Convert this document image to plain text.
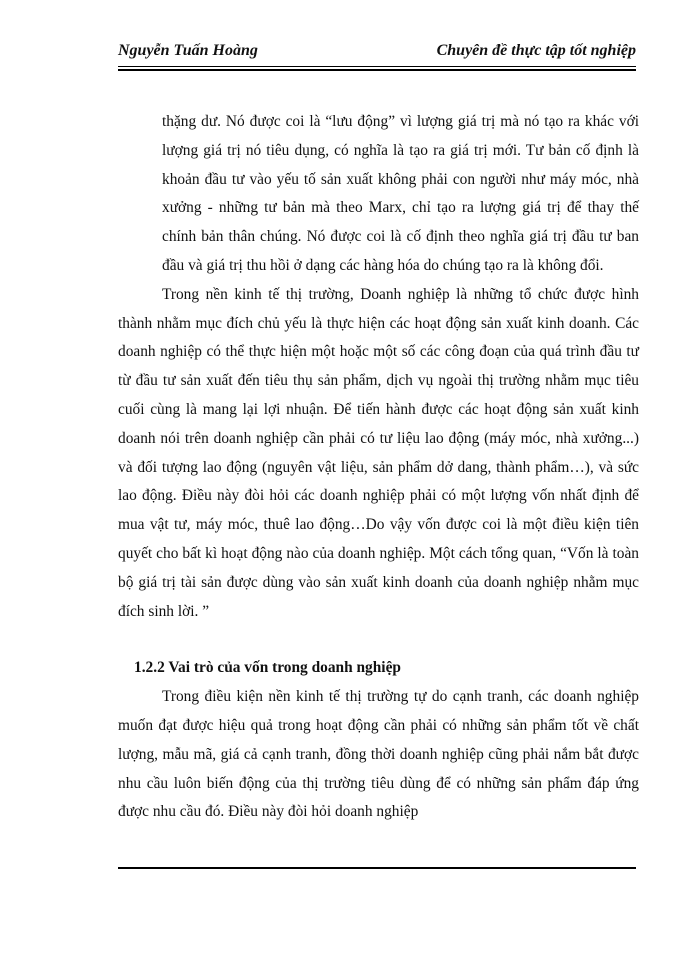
Nguyễn Tuấn Hoàng	Chuyên đề thực tập tốt nghiệp

thặng dư. Nó được coi là “lưu động” vì lượng giá trị mà nó tạo ra khác với lượng giá trị nó tiêu dụng, có nghĩa là tạo ra giá trị mới. Tư bản cố định là khoản đầu tư vào yếu tố sản xuất không phải con người như máy móc, nhà xưởng - những tư bản mà theo Marx, chỉ tạo ra lượng giá trị để thay thế chính bản thân chúng. Nó được coi là cố định theo nghĩa giá trị đầu tư ban đầu và giá trị thu hồi ở dạng các hàng hóa do chúng tạo ra là không đổi.

Trong nền kinh tế thị trường, Doanh nghiệp là những tổ chức được hình thành nhằm mục đích chủ yếu là thực hiện các hoạt động sản xuất kinh doanh. Các doanh nghiệp có thể thực hiện một hoặc một số các công đoạn của quá trình đầu tư từ đầu tư sản xuất đến tiêu thụ sản phẩm, dịch vụ ngoài thị trường nhằm mục tiêu cuối cùng là mang lại lợi nhuận. Để tiến hành được các hoạt động sản xuất kinh doanh nói trên doanh nghiệp cần phải có tư liệu lao động (máy móc, nhà xưởng...) và đối tượng lao động (nguyên vật liệu, sản phẩm dở dang, thành phẩm…), và sức lao động. Điều này đòi hỏi các doanh nghiệp phải có một lượng vốn nhất định để mua vật tư, máy móc, thuê lao động…Do vậy vốn được coi là một điều kiện tiên quyết cho bất kì hoạt động nào của doanh nghiệp. Một cách tổng quan, “Vốn là toàn bộ giá trị tài sản được dùng vào sản xuất kinh doanh của doanh nghiệp nhằm mục đích sinh lời. ”

1.2.2 Vai trò của vốn trong doanh nghiệp

Trong điều kiện nền kinh tế thị trường tự do cạnh tranh, các doanh nghiệp muốn đạt được hiệu quả trong hoạt động cần phải có những sản phẩm tốt về chất lượng, mẫu mã, giá cả cạnh tranh, đồng thời doanh nghiệp cũng phải nắm bắt được nhu cầu luôn biến động của thị trường tiêu dùng để có những sản phẩm đáp ứng được nhu cầu đó. Điều này đòi hỏi doanh nghiệp
